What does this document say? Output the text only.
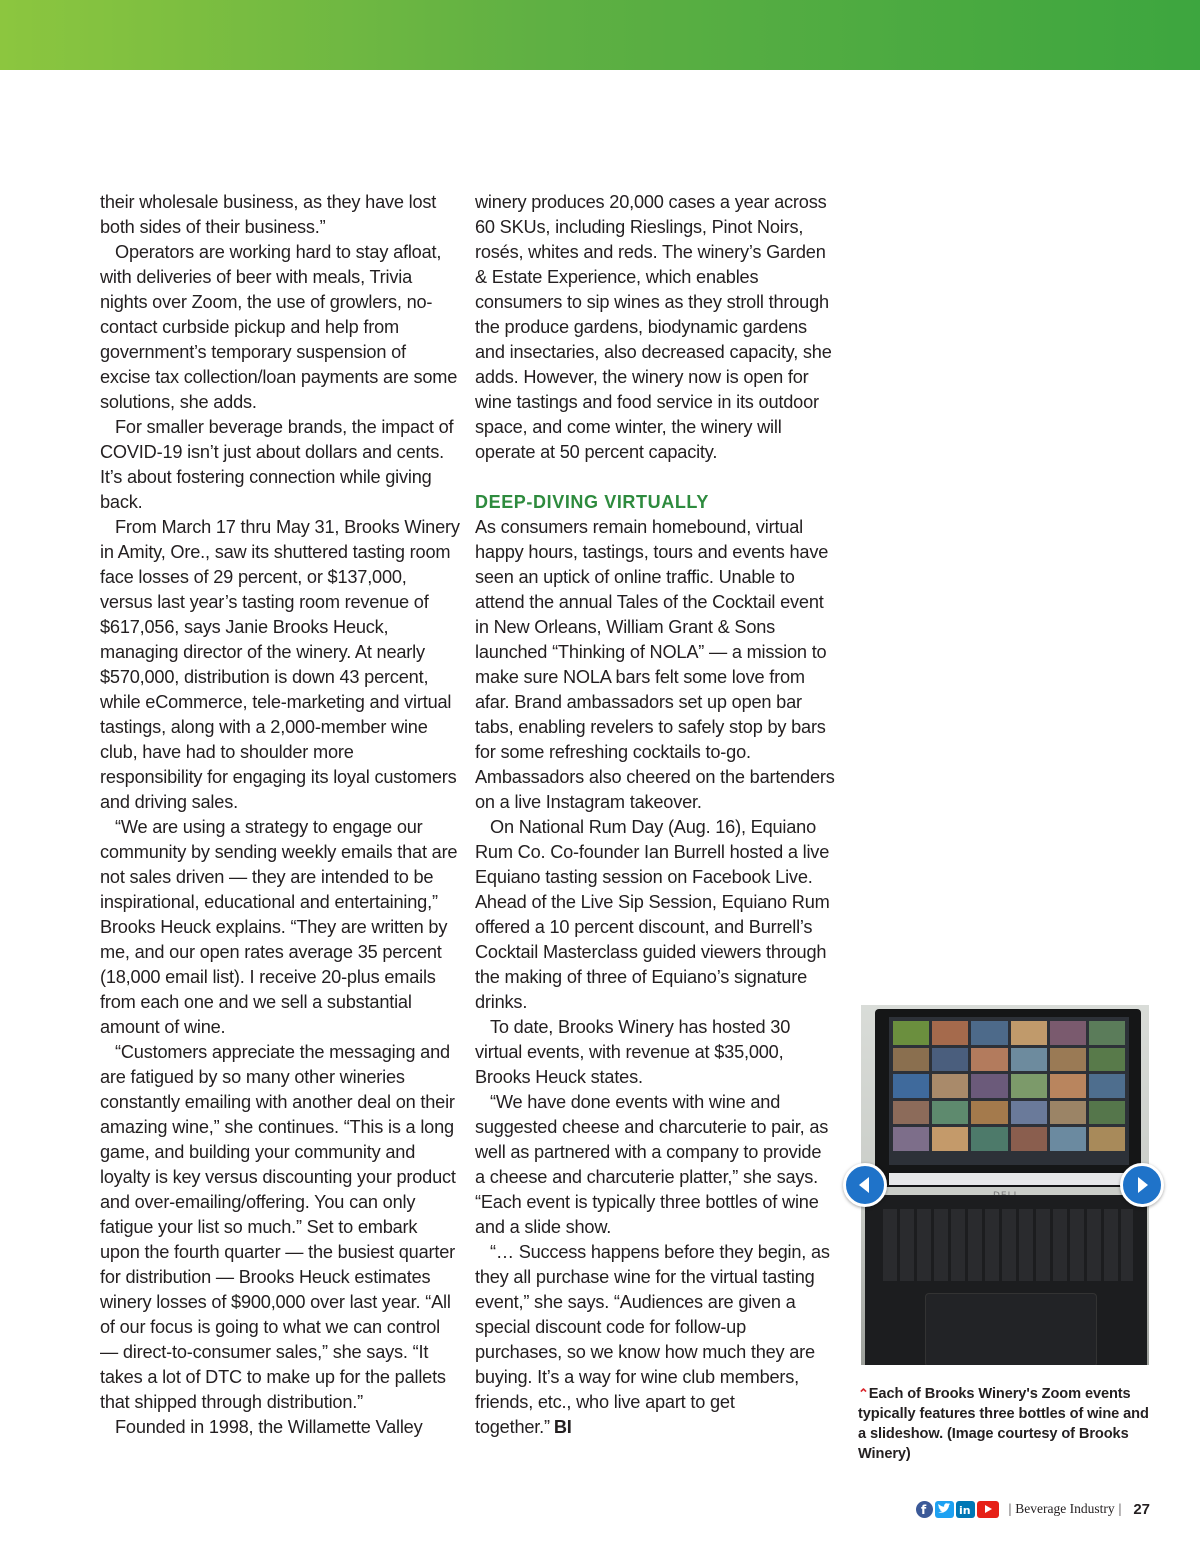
their wholesale business, as they have lost both sides of their business.”

Operators are working hard to stay afloat, with deliveries of beer with meals, Trivia nights over Zoom, the use of growlers, no-contact curbside pickup and help from government’s temporary suspension of excise tax collection/loan payments are some solutions, she adds.

For smaller beverage brands, the impact of COVID-19 isn’t just about dollars and cents. It’s about fostering connection while giving back.

From March 17 thru May 31, Brooks Winery in Amity, Ore., saw its shuttered tasting room face losses of 29 percent, or $137,000, versus last year’s tasting room revenue of $617,056, says Janie Brooks Heuck, managing director of the winery. At nearly $570,000, distribution is down 43 percent, while eCommerce, tele-marketing and virtual tastings, along with a 2,000-member wine club, have had to shoulder more responsibility for engaging its loyal customers and driving sales.

“We are using a strategy to engage our community by sending weekly emails that are not sales driven — they are intended to be inspirational, educational and entertaining,” Brooks Heuck explains. “They are written by me, and our open rates average 35 percent (18,000 email list). I receive 20-plus emails from each one and we sell a substantial amount of wine.

“Customers appreciate the messaging and are fatigued by so many other wineries constantly emailing with another deal on their amazing wine,” she continues. “This is a long game, and building your community and loyalty is key versus discounting your product and over-emailing/offering. You can only fatigue your list so much.” Set to embark upon the fourth quarter — the busiest quarter for distribution — Brooks Heuck estimates winery losses of $900,000 over last year. “All of our focus is going to what we can control — direct-to-consumer sales,” she says. “It takes a lot of DTC to make up for the pallets that shipped through distribution.”

Founded in 1998, the Willamette Valley

winery produces 20,000 cases a year across 60 SKUs, including Rieslings, Pinot Noirs, rosés, whites and reds. The winery’s Garden & Estate Experience, which enables consumers to sip wines as they stroll through the produce gardens, biodynamic gardens and insectaries, also decreased capacity, she adds. However, the winery now is open for wine tastings and food service in its outdoor space, and come winter, the winery will operate at 50 percent capacity.

DEEP-DIVING VIRTUALLY

As consumers remain homebound, virtual happy hours, tastings, tours and events have seen an uptick of online traffic. Unable to attend the annual Tales of the Cocktail event in New Orleans, William Grant & Sons launched “Thinking of NOLA” — a mission to make sure NOLA bars felt some love from afar. Brand ambassadors set up open bar tabs, enabling revelers to safely stop by bars for some refreshing cocktails to-go. Ambassadors also cheered on the bartenders on a live Instagram takeover.

On National Rum Day (Aug. 16), Equiano Rum Co. Co-founder Ian Burrell hosted a live Equiano tasting session on Facebook Live. Ahead of the Live Sip Session, Equiano Rum offered a 10 percent discount, and Burrell’s Cocktail Masterclass guided viewers through the making of three of Equiano’s signature drinks.

To date, Brooks Winery has hosted 30 virtual events, with revenue at $35,000, Brooks Heuck states.

“We have done events with wine and suggested cheese and charcuterie to pair, as well as partnered with a company to provide a cheese and charcuterie platter,” she says. “Each event is typically three bottles of wine and a slide show.

“… Success happens before they begin, as they all purchase wine for the virtual tasting event,” she says. “Audiences are given a special discount code for follow-up purchases, so we know how much they are buying. It’s a way for wine club members, friends, etc., who live apart to get together.” BI

⌃Each of Brooks Winery's Zoom events typically features three bottles of wine and a slideshow. (Image courtesy of Brooks Winery)
f	in	| Beverage Industry | 27
